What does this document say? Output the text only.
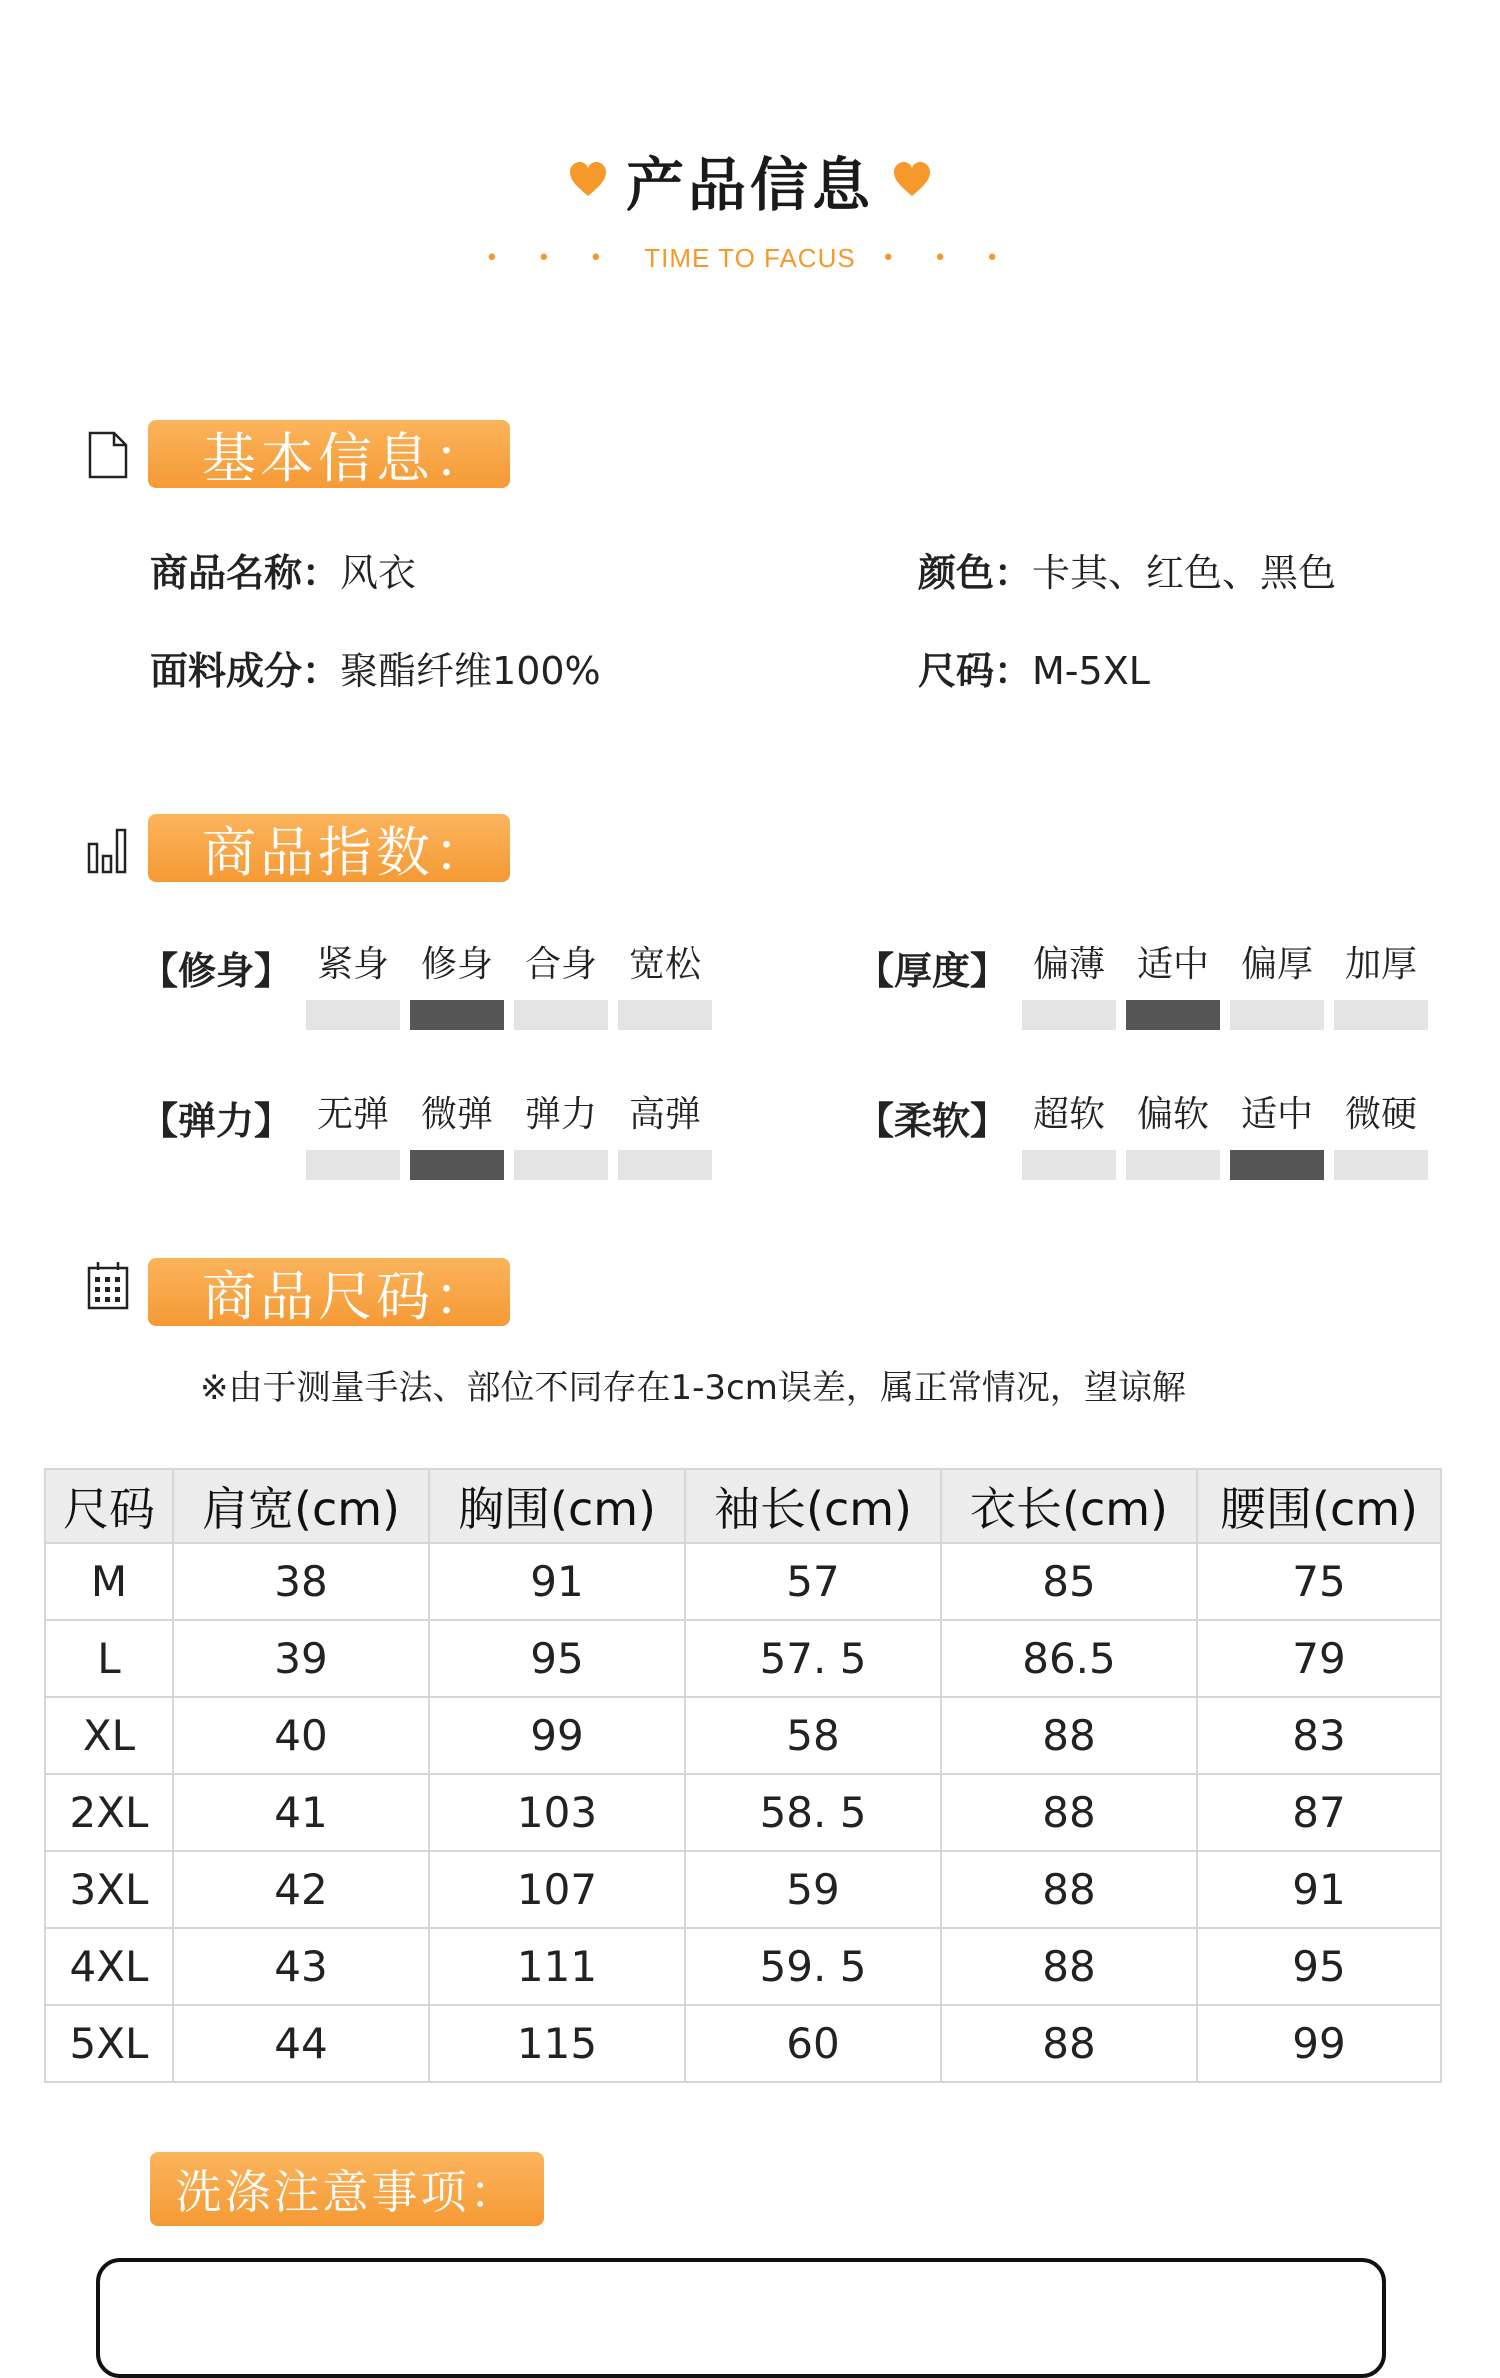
产品信息
• • • TIME TO FACUS • • •
基本信息：
商品名称：风衣	颜色：卡其、红色、黑色
面料成分：聚酯纤维100%	尺码：M-5XL
商品指数：
【修身】 紧身 修身 合身 宽松	【厚度】 偏薄 适中 偏厚 加厚
【弹力】 无弹 微弹 弹力 高弹	【柔软】 超软 偏软 适中 微硬
商品尺码：
※由于测量手法、部位不同存在1-3cm误差，属正常情况，望谅解
尺码	肩宽(cm)	胸围(cm)	袖长(cm)	衣长(cm)	腰围(cm)
M	38	91	57	85	75
L	39	95	57. 5	86.5	79
XL	40	99	58	88	83
2XL	41	103	58. 5	88	87
3XL	42	107	59	88	91
4XL	43	111	59. 5	88	95
5XL	44	115	60	88	99
洗涤注意事项：
